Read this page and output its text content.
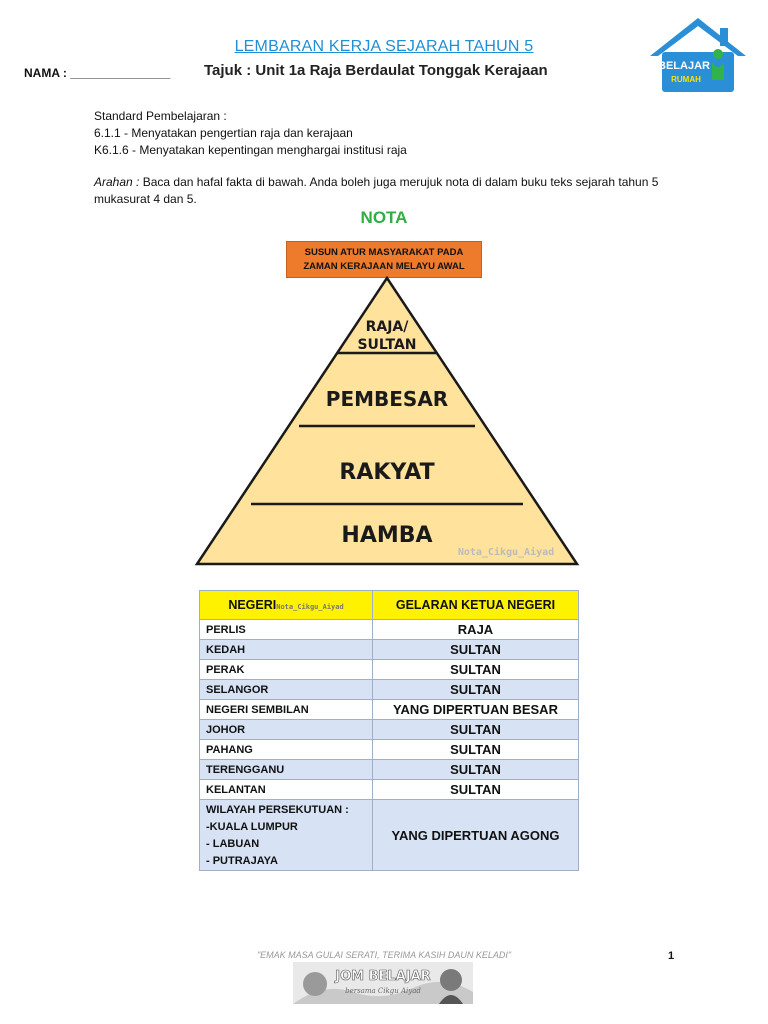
LEMBARAN KERJA SEJARAH TAHUN 5
NAMA : _______________ Tajuk : Unit 1a Raja Berdaulat Tonggak Kerajaan	BELAJAR
RUMAH
Standard Pembelajaran :
6.1.1 - Menyatakan pengertian raja dan kerajaan
K6.1.6 - Menyatakan kepentingan menghargai institusi raja
Arahan : Baca dan hafal fakta di bawah. Anda boleh juga merujuk nota di dalam buku teks sejarah tahun 5 mukasurat 4 dan 5.
NOTA
SUSUN ATUR MASYARAKAT PADA
ZAMAN KERAJAAN MELAYU AWAL
RAJA/
SULTAN
PEMBESAR
RAKYAT
HAMBA
Nota_Cikgu_Aiyad
NEGERINota_Cikgu_Aiyad	GELARAN KETUA NEGERI
PERLIS	RAJA
KEDAH	SULTAN
PERAK	SULTAN
SELANGOR	SULTAN
NEGERI SEMBILAN	YANG DIPERTUAN BESAR
JOHOR	SULTAN
PAHANG	SULTAN
TERENGGANU	SULTAN
KELANTAN	SULTAN

WILAYAH PERSEKUTUAN :
-KUALA LUMPUR
- LABUAN
- PUTRAJAYA	YANG DIPERTUAN AGONG
"EMAK MASA GULAI SERATI, TERIMA KASIH DAUN KELADI"	1
JOM BELAJAR
bersama Cikgu Aiyad
